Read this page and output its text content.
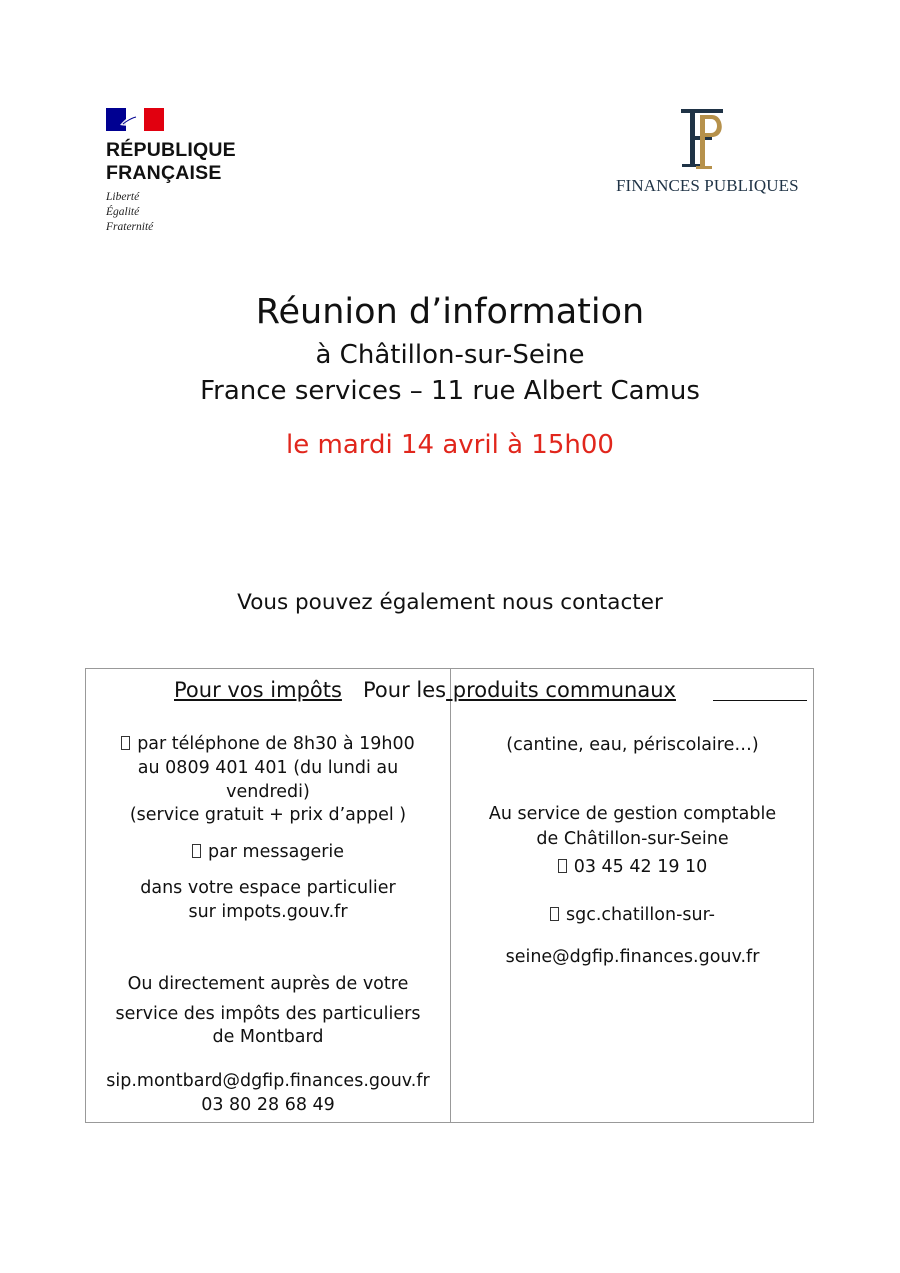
RÉPUBLIQUE
FRANÇAISE
Liberté
Égalité
Fraternité
FINANCES PUBLIQUES
Réunion d’information
à Châtillon-sur-Seine
France services – 11 rue Albert Camus
le mardi 14 avril à 15h00
Vous pouvez également nous contacter
Pour vos impôts Pour les produits communaux
par téléphone de 8h30 à 19h00
au 0809 401 401 (du lundi au
vendredi)
(service gratuit + prix d’appel )
par messagerie
dans votre espace particulier
sur impots.gouv.fr
Ou directement auprès de votre
service des impôts des particuliers
de Montbard
sip.montbard@dgfip.finances.gouv.fr
03 80 28 68 49
(cantine, eau, périscolaire…)
Au service de gestion comptable
de Châtillon-sur-Seine
03 45 42 19 10
sgc.chatillon-sur-
seine@dgfip.finances.gouv.fr
